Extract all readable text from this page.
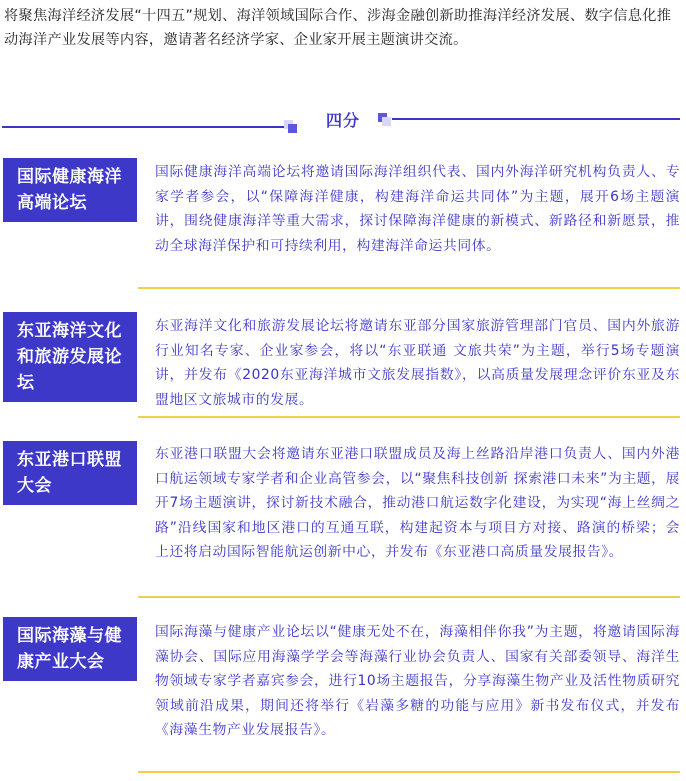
将聚焦海洋经济发展“十四五”规划、海洋领域国际合作、涉海金融创新助推海洋经济发展、数字信息化推动海洋产业发展等内容，邀请著名经济学家、企业家开展主题演讲交流。

四分
国际健康海洋高端论坛

国际健康海洋高端论坛将邀请国际海洋组织代表、国内外海洋研究机构负责人、专家学者参会，以“保障海洋健康，构建海洋命运共同体”为主题，展开6场主题演讲，围绕健康海洋等重大需求，探讨保障海洋健康的新模式、新路径和新愿景，推动全球海洋保护和可持续利用，构建海洋命运共同体。

东亚海洋文化和旅游发展论坛

东亚海洋文化和旅游发展论坛将邀请东亚部分国家旅游管理部门官员、国内外旅游行业知名专家、企业家参会，将以“东亚联通 文旅共荣”为主题，举行5场专题演讲，并发布《2020东亚海洋城市文旅发展指数》，以高质量发展理念评价东亚及东盟地区文旅城市的发展。

东亚港口联盟大会

东亚港口联盟大会将邀请东亚港口联盟成员及海上丝路沿岸港口负责人、国内外港口航运领域专家学者和企业高管参会，以“聚焦科技创新 探索港口未来”为主题，展开7场主题演讲，探讨新技术融合，推动港口航运数字化建设，为实现“海上丝绸之路”沿线国家和地区港口的互通互联，构建起资本与项目方对接、路演的桥梁；会上还将启动国际智能航运创新中心，并发布《东亚港口高质量发展报告》。

国际海藻与健康产业大会

国际海藻与健康产业论坛以“健康无处不在，海藻相伴你我”为主题，将邀请国际海藻协会、国际应用海藻学学会等海藻行业协会负责人、国家有关部委领导、海洋生物领域专家学者嘉宾参会，进行10场主题报告，分享海藻生物产业及活性物质研究领域前沿成果，期间还将举行《岩藻多糖的功能与应用》新书发布仪式，并发布《海藻生物产业发展报告》。
